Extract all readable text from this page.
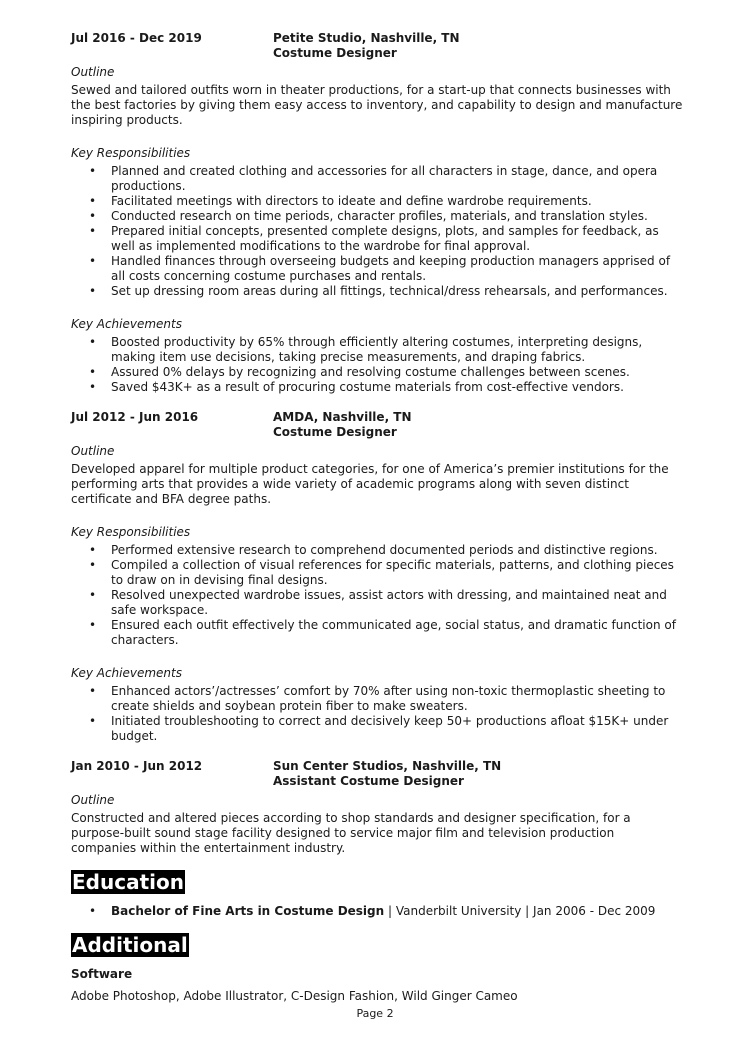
Jul 2016 - Dec 2019	Petite Studio, Nashville, TN
Costume Designer
Outline
Sewed and tailored outfits worn in theater productions, for a start-up that connects businesses with the best factories by giving them easy access to inventory, and capability to design and manufacture inspiring products.
Key Responsibilities
• Planned and created clothing and accessories for all characters in stage, dance, and opera productions.
• Facilitated meetings with directors to ideate and define wardrobe requirements.
• Conducted research on time periods, character profiles, materials, and translation styles.
• Prepared initial concepts, presented complete designs, plots, and samples for feedback, as well as implemented modifications to the wardrobe for final approval.
• Handled finances through overseeing budgets and keeping production managers apprised of all costs concerning costume purchases and rentals.
• Set up dressing room areas during all fittings, technical/dress rehearsals, and performances.
Key Achievements
• Boosted productivity by 65% through efficiently altering costumes, interpreting designs, making item use decisions, taking precise measurements, and draping fabrics.
• Assured 0% delays by recognizing and resolving costume challenges between scenes.
• Saved $43K+ as a result of procuring costume materials from cost-effective vendors.
Jul 2012 - Jun 2016	AMDA, Nashville, TN
Costume Designer
Outline
Developed apparel for multiple product categories, for one of America’s premier institutions for the performing arts that provides a wide variety of academic programs along with seven distinct certificate and BFA degree paths.
Key Responsibilities
• Performed extensive research to comprehend documented periods and distinctive regions.
• Compiled a collection of visual references for specific materials, patterns, and clothing pieces to draw on in devising final designs.
• Resolved unexpected wardrobe issues, assist actors with dressing, and maintained neat and safe workspace.
• Ensured each outfit effectively the communicated age, social status, and dramatic function of characters.
Key Achievements
• Enhanced actors’/actresses’ comfort by 70% after using non-toxic thermoplastic sheeting to create shields and soybean protein fiber to make sweaters.
• Initiated troubleshooting to correct and decisively keep 50+ productions afloat $15K+ under budget.
Jan 2010 - Jun 2012	Sun Center Studios, Nashville, TN
Assistant Costume Designer
Outline
Constructed and altered pieces according to shop standards and designer specification, for a purpose-built sound stage facility designed to service major film and television production companies within the entertainment industry.
Education
• Bachelor of Fine Arts in Costume Design | Vanderbilt University | Jan 2006 - Dec 2009
Additional
Software
Adobe Photoshop, Adobe Illustrator, C-Design Fashion, Wild Ginger Cameo
Page 2
